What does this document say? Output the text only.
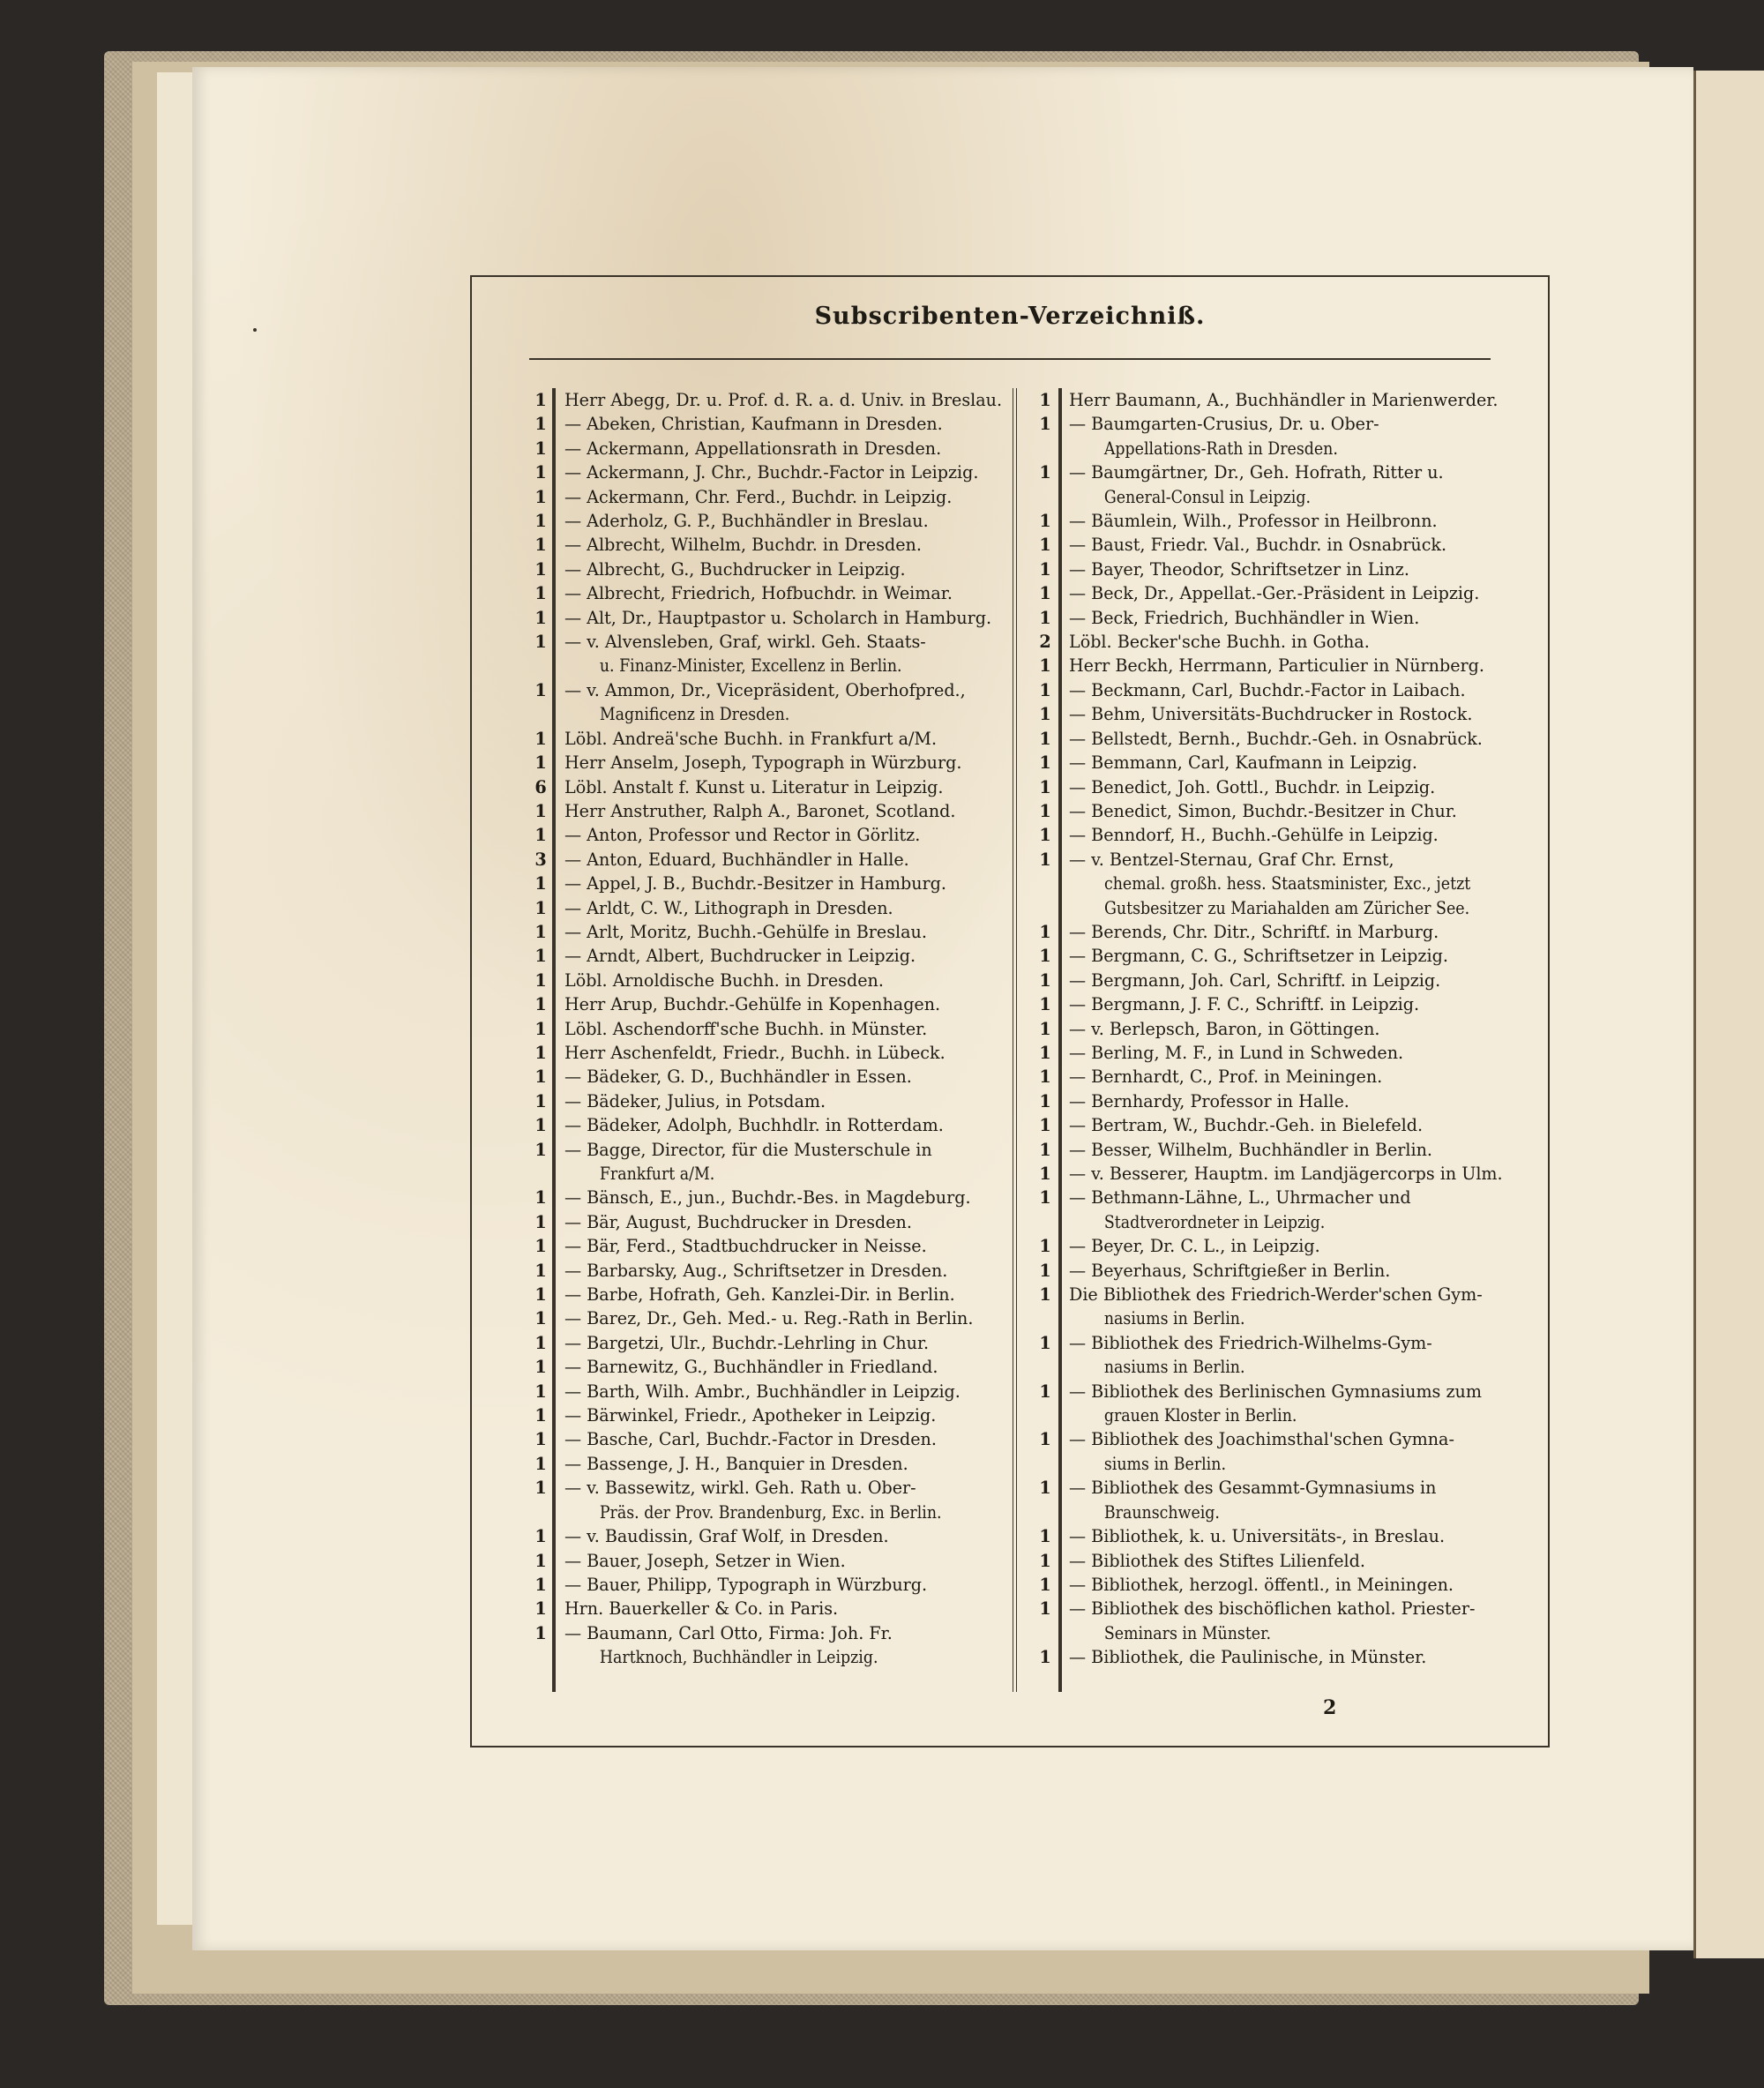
Subscribenten-Verzeichniß.
1	Herr Abegg, Dr. u. Prof. d. R. a. d. Univ. in Breslau.
1	— Abeken, Christian, Kaufmann in Dresden.
1	— Ackermann, Appellationsrath in Dresden.
1	— Ackermann, J. Chr., Buchdr.-Factor in Leipzig.
1	— Ackermann, Chr. Ferd., Buchdr. in Leipzig.
1	— Aderholz, G. P., Buchhändler in Breslau.
1	— Albrecht, Wilhelm, Buchdr. in Dresden.
1	— Albrecht, G., Buchdrucker in Leipzig.
1	— Albrecht, Friedrich, Hofbuchdr. in Weimar.
1	— Alt, Dr., Hauptpastor u. Scholarch in Hamburg.
1	— v. Alvensleben, Graf, wirkl. Geh. Staats-
u. Finanz-Minister, Excellenz in Berlin.
1	— v. Ammon, Dr., Vicepräsident, Oberhofpred.,
Magnificenz in Dresden.
1	Löbl. Andreä'sche Buchh. in Frankfurt a/M.
1	Herr Anselm, Joseph, Typograph in Würzburg.
6	Löbl. Anstalt f. Kunst u. Literatur in Leipzig.
1	Herr Anstruther, Ralph A., Baronet, Scotland.
1	— Anton, Professor und Rector in Görlitz.
3	— Anton, Eduard, Buchhändler in Halle.
1	— Appel, J. B., Buchdr.-Besitzer in Hamburg.
1	— Arldt, C. W., Lithograph in Dresden.
1	— Arlt, Moritz, Buchh.-Gehülfe in Breslau.
1	— Arndt, Albert, Buchdrucker in Leipzig.
1	Löbl. Arnoldische Buchh. in Dresden.
1	Herr Arup, Buchdr.-Gehülfe in Kopenhagen.
1	Löbl. Aschendorff'sche Buchh. in Münster.
1	Herr Aschenfeldt, Friedr., Buchh. in Lübeck.
1	— Bädeker, G. D., Buchhändler in Essen.
1	— Bädeker, Julius, in Potsdam.
1	— Bädeker, Adolph, Buchhdlr. in Rotterdam.
1	— Bagge, Director, für die Musterschule in
Frankfurt a/M.
1	— Bänsch, E., jun., Buchdr.-Bes. in Magdeburg.
1	— Bär, August, Buchdrucker in Dresden.
1	— Bär, Ferd., Stadtbuchdrucker in Neisse.
1	— Barbarsky, Aug., Schriftsetzer in Dresden.
1	— Barbe, Hofrath, Geh. Kanzlei-Dir. in Berlin.
1	— Barez, Dr., Geh. Med.- u. Reg.-Rath in Berlin.
1	— Bargetzi, Ulr., Buchdr.-Lehrling in Chur.
1	— Barnewitz, G., Buchhändler in Friedland.
1	— Barth, Wilh. Ambr., Buchhändler in Leipzig.
1	— Bärwinkel, Friedr., Apotheker in Leipzig.
1	— Basche, Carl, Buchdr.-Factor in Dresden.
1	— Bassenge, J. H., Banquier in Dresden.
1	— v. Bassewitz, wirkl. Geh. Rath u. Ober-
Präs. der Prov. Brandenburg, Exc. in Berlin.
1	— v. Baudissin, Graf Wolf, in Dresden.
1	— Bauer, Joseph, Setzer in Wien.
1	— Bauer, Philipp, Typograph in Würzburg.
1	Hrn. Bauerkeller & Co. in Paris.
1	— Baumann, Carl Otto, Firma: Joh. Fr.
Hartknoch, Buchhändler in Leipzig.
1	Herr Baumann, A., Buchhändler in Marienwerder.
1	— Baumgarten-Crusius, Dr. u. Ober-
Appellations-Rath in Dresden.
1	— Baumgärtner, Dr., Geh. Hofrath, Ritter u.
General-Consul in Leipzig.
1	— Bäumlein, Wilh., Professor in Heilbronn.
1	— Baust, Friedr. Val., Buchdr. in Osnabrück.
1	— Bayer, Theodor, Schriftsetzer in Linz.
1	— Beck, Dr., Appellat.-Ger.-Präsident in Leipzig.
1	— Beck, Friedrich, Buchhändler in Wien.
2	Löbl. Becker'sche Buchh. in Gotha.
1	Herr Beckh, Herrmann, Particulier in Nürnberg.
1	— Beckmann, Carl, Buchdr.-Factor in Laibach.
1	— Behm, Universitäts-Buchdrucker in Rostock.
1	— Bellstedt, Bernh., Buchdr.-Geh. in Osnabrück.
1	— Bemmann, Carl, Kaufmann in Leipzig.
1	— Benedict, Joh. Gottl., Buchdr. in Leipzig.
1	— Benedict, Simon, Buchdr.-Besitzer in Chur.
1	— Benndorf, H., Buchh.-Gehülfe in Leipzig.
1	— v. Bentzel-Sternau, Graf Chr. Ernst,
chemal. großh. hess. Staatsminister, Exc., jetzt
Gutsbesitzer zu Mariahalden am Züricher See.
1	— Berends, Chr. Ditr., Schriftf. in Marburg.
1	— Bergmann, C. G., Schriftsetzer in Leipzig.
1	— Bergmann, Joh. Carl, Schriftf. in Leipzig.
1	— Bergmann, J. F. C., Schriftf. in Leipzig.
1	— v. Berlepsch, Baron, in Göttingen.
1	— Berling, M. F., in Lund in Schweden.
1	— Bernhardt, C., Prof. in Meiningen.
1	— Bernhardy, Professor in Halle.
1	— Bertram, W., Buchdr.-Geh. in Bielefeld.
1	— Besser, Wilhelm, Buchhändler in Berlin.
1	— v. Besserer, Hauptm. im Landjägercorps in Ulm.
1	— Bethmann-Lähne, L., Uhrmacher und
Stadtverordneter in Leipzig.
1	— Beyer, Dr. C. L., in Leipzig.
1	— Beyerhaus, Schriftgießer in Berlin.
1	Die Bibliothek des Friedrich-Werder'schen Gym-
nasiums in Berlin.
1	— Bibliothek des Friedrich-Wilhelms-Gym-
nasiums in Berlin.
1	— Bibliothek des Berlinischen Gymnasiums zum
grauen Kloster in Berlin.
1	— Bibliothek des Joachimsthal'schen Gymna-
siums in Berlin.
1	— Bibliothek des Gesammt-Gymnasiums in
Braunschweig.
1	— Bibliothek, k. u. Universitäts-, in Breslau.
1	— Bibliothek des Stiftes Lilienfeld.
1	— Bibliothek, herzogl. öffentl., in Meiningen.
1	— Bibliothek des bischöflichen kathol. Priester-
Seminars in Münster.
1	— Bibliothek, die Paulinische, in Münster.
2
